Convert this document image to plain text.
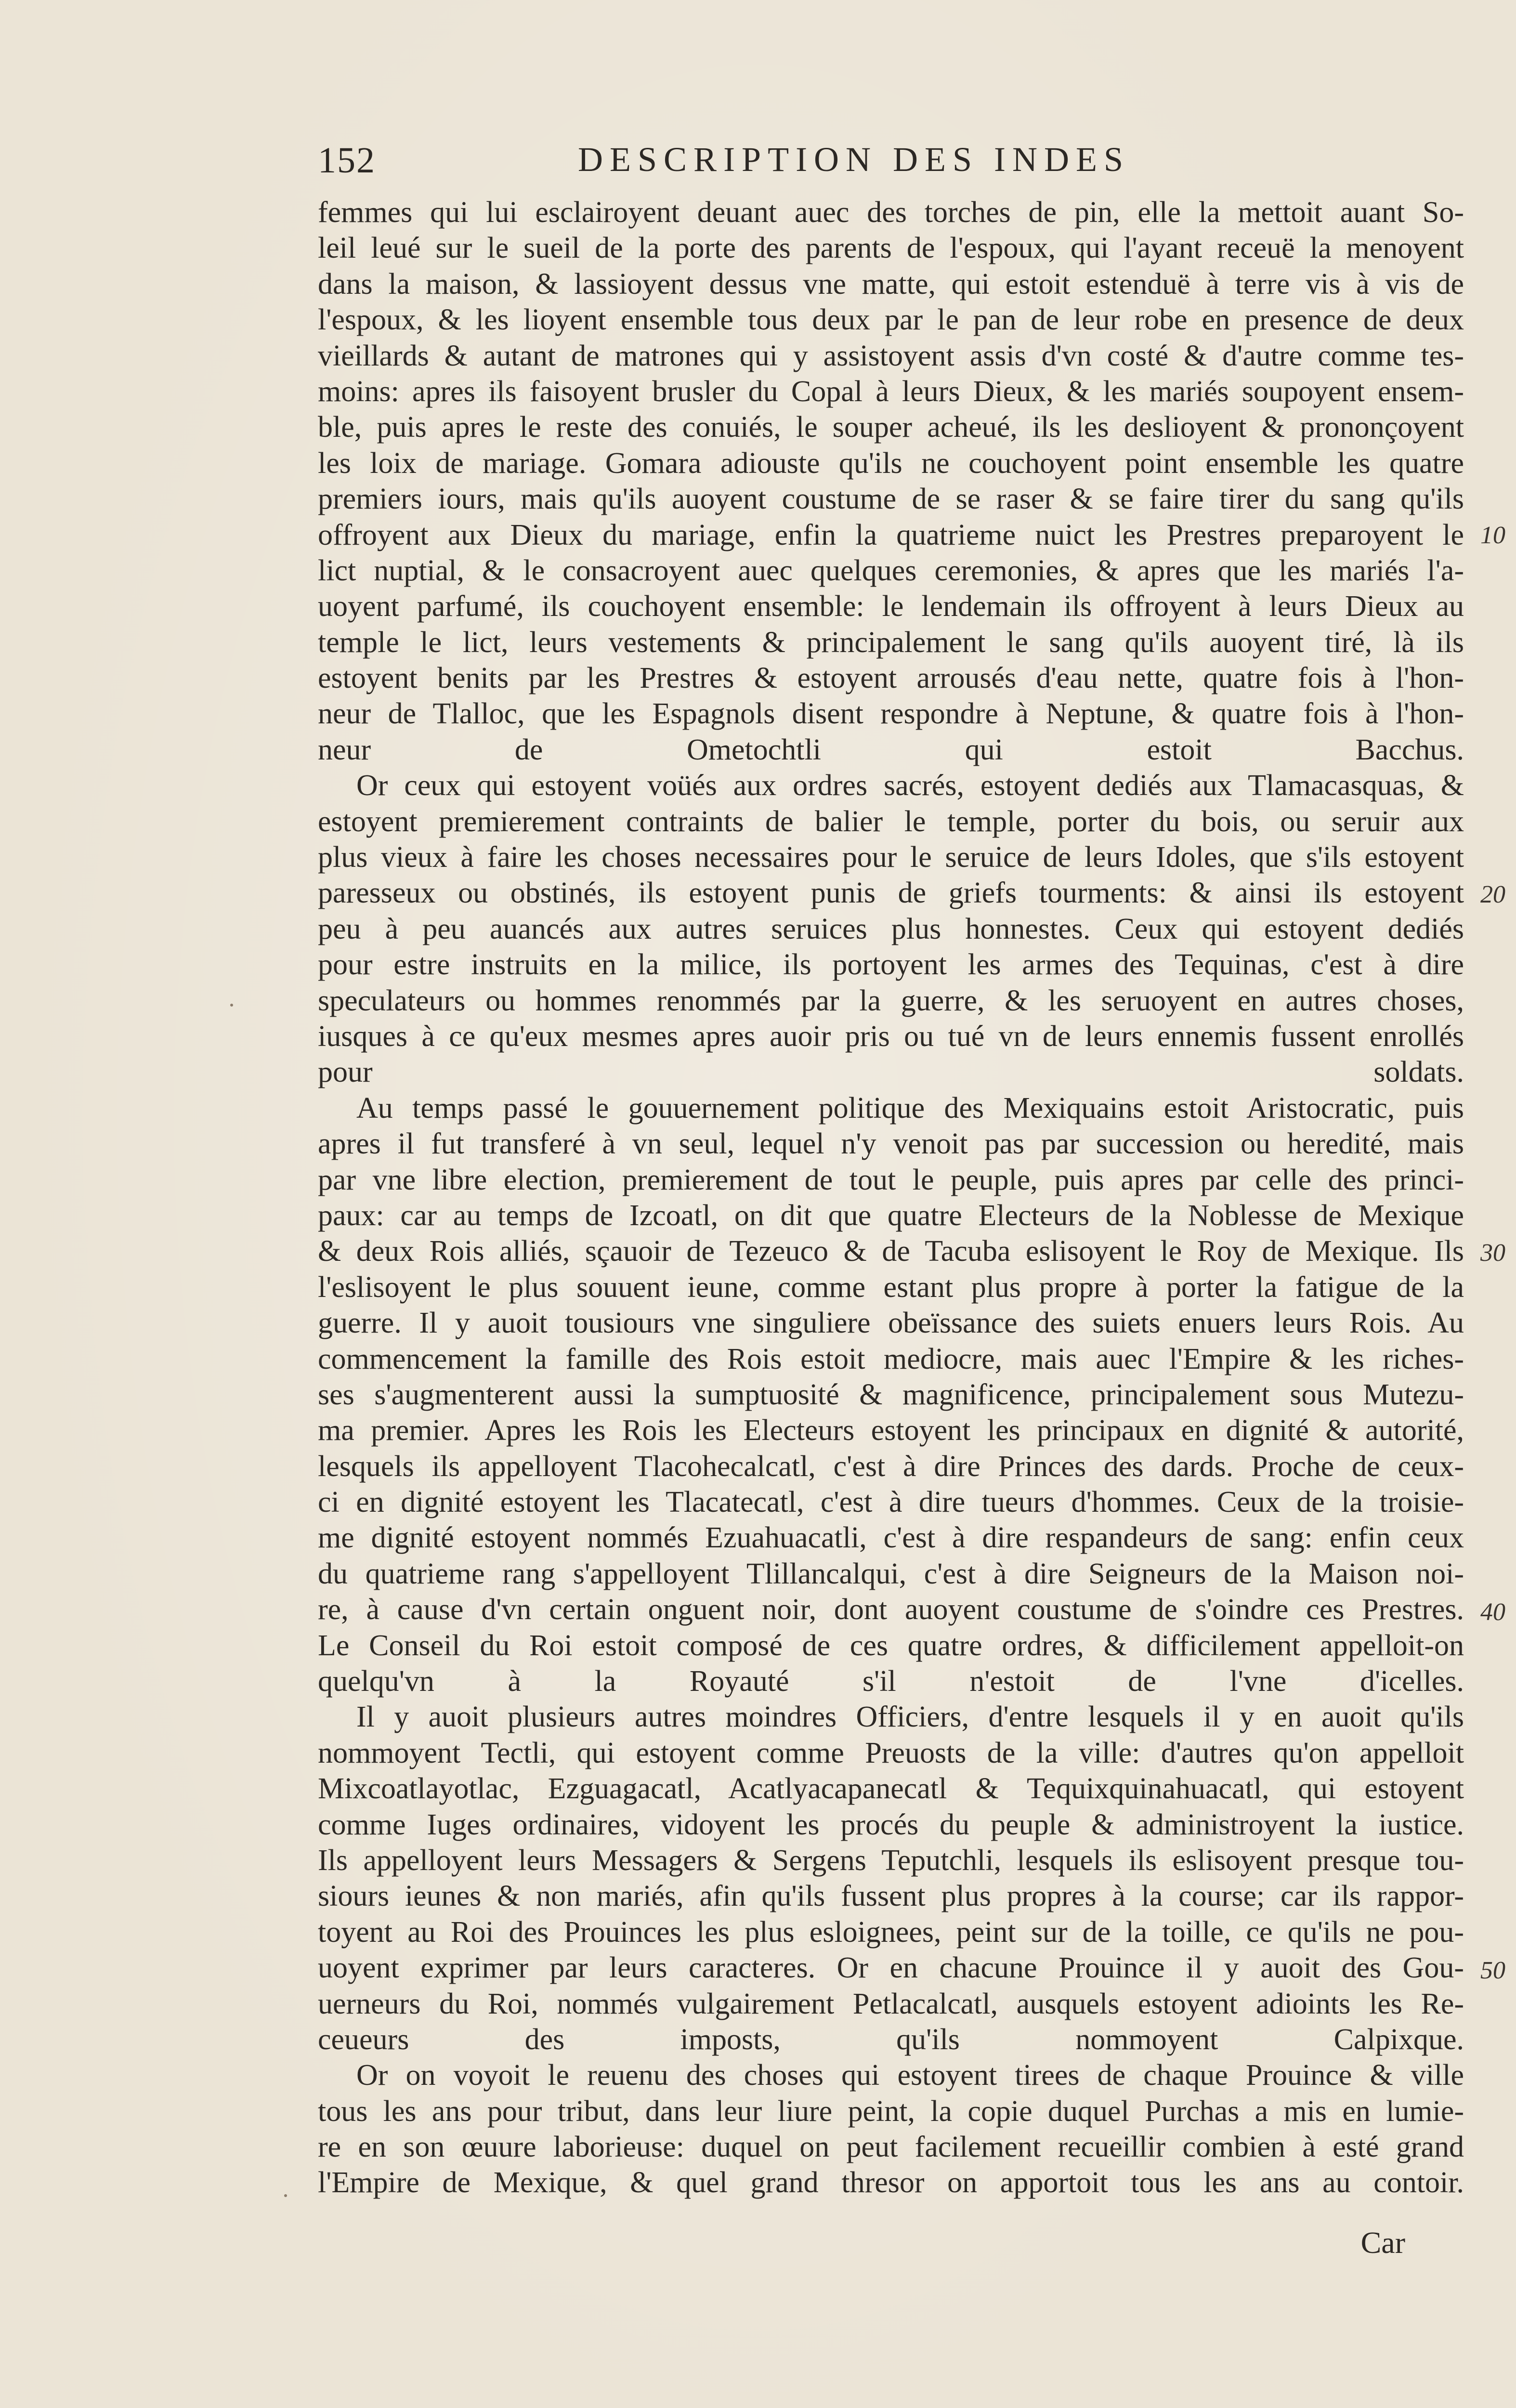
152	DESCRIPTION DES INDES

femmes qui lui esclairoyent deuant auec des torches de pin, elle la mettoit auant So-
leil leué sur le sueil de la porte des parents de l'espoux, qui l'ayant receuë la menoyent
dans la maison, & lassioyent dessus vne matte, qui estoit estenduë à terre vis à vis de
l'espoux, & les lioyent ensemble tous deux par le pan de leur robe en presence de deux
vieillards & autant de matrones qui y assistoyent assis d'vn costé & d'autre comme tes-
moins: apres ils faisoyent brusler du Copal à leurs Dieux, & les mariés soupoyent ensem-
ble, puis apres le reste des conuiés, le souper acheué, ils les deslioyent & prononçoyent
les loix de mariage. Gomara adiouste qu'ils ne couchoyent point ensemble les quatre
premiers iours, mais qu'ils auoyent coustume de se raser & se faire tirer du sang qu'ils
offroyent aux Dieux du mariage, enfin la quatrieme nuict les Prestres preparoyent le
lict nuptial, & le consacroyent auec quelques ceremonies, & apres que les mariés l'a-
uoyent parfumé, ils couchoyent ensemble: le lendemain ils offroyent à leurs Dieux au
temple le lict, leurs vestements & principalement le sang qu'ils auoyent tiré, là ils
estoyent benits par les Prestres & estoyent arrousés d'eau nette, quatre fois à l'hon-
neur de Tlalloc, que les Espagnols disent respondre à Neptune, & quatre fois à l'hon-
neur de Ometochtli qui estoit Bacchus.

Or ceux qui estoyent voüés aux ordres sacrés, estoyent dediés aux Tlamacasquas, &
estoyent premierement contraints de balier le temple, porter du bois, ou seruir aux
plus vieux à faire les choses necessaires pour le seruice de leurs Idoles, que s'ils estoyent
paresseux ou obstinés, ils estoyent punis de griefs tourments: & ainsi ils estoyent
peu à peu auancés aux autres seruices plus honnestes. Ceux qui estoyent dediés
pour estre instruits en la milice, ils portoyent les armes des Tequinas, c'est à dire
speculateurs ou hommes renommés par la guerre, & les seruoyent en autres choses,
iusques à ce qu'eux mesmes apres auoir pris ou tué vn de leurs ennemis fussent enrollés
pour soldats.

Au temps passé le gouuernement politique des Mexiquains estoit Aristocratic, puis
apres il fut transferé à vn seul, lequel n'y venoit pas par succession ou heredité, mais
par vne libre election, premierement de tout le peuple, puis apres par celle des princi-
paux: car au temps de Izcoatl, on dit que quatre Electeurs de la Noblesse de Mexique
& deux Rois alliés, sçauoir de Tezeuco & de Tacuba eslisoyent le Roy de Mexique. Ils
l'eslisoyent le plus souuent ieune, comme estant plus propre à porter la fatigue de la
guerre. Il y auoit tousiours vne singuliere obeïssance des suiets enuers leurs Rois. Au
commencement la famille des Rois estoit mediocre, mais auec l'Empire & les riches-
ses s'augmenterent aussi la sumptuosité & magnificence, principalement sous Mutezu-
ma premier. Apres les Rois les Electeurs estoyent les principaux en dignité & autorité,
lesquels ils appelloyent Tlacohecalcatl, c'est à dire Princes des dards. Proche de ceux-
ci en dignité estoyent les Tlacatecatl, c'est à dire tueurs d'hommes. Ceux de la troisie-
me dignité estoyent nommés Ezuahuacatli, c'est à dire respandeurs de sang: enfin ceux
du quatrieme rang s'appelloyent Tlillancalqui, c'est à dire Seigneurs de la Maison noi-
re, à cause d'vn certain onguent noir, dont auoyent coustume de s'oindre ces Prestres.
Le Conseil du Roi estoit composé de ces quatre ordres, & difficilement appelloit-on
quelqu'vn à la Royauté s'il n'estoit de l'vne d'icelles.

Il y auoit plusieurs autres moindres Officiers, d'entre lesquels il y en auoit qu'ils
nommoyent Tectli, qui estoyent comme Preuosts de la ville: d'autres qu'on appelloit
Mixcoatlayotlac, Ezguagacatl, Acatlyacapanecatl & Tequixquinahuacatl, qui estoyent
comme Iuges ordinaires, vidoyent les procés du peuple & administroyent la iustice.
Ils appelloyent leurs Messagers & Sergens Teputchli, lesquels ils eslisoyent presque tou-
siours ieunes & non mariés, afin qu'ils fussent plus propres à la course; car ils rappor-
toyent au Roi des Prouinces les plus esloignees, peint sur de la toille, ce qu'ils ne pou-
uoyent exprimer par leurs caracteres. Or en chacune Prouince il y auoit des Gou-
uerneurs du Roi, nommés vulgairement Petlacalcatl, ausquels estoyent adioints les Re-
ceueurs des imposts, qu'ils nommoyent Calpixque.

Or on voyoit le reuenu des choses qui estoyent tirees de chaque Prouince & ville
tous les ans pour tribut, dans leur liure peint, la copie duquel Purchas a mis en lumie-
re en son œuure laborieuse: duquel on peut facilement recueillir combien à esté grand
l'Empire de Mexique, & quel grand thresor on apportoit tous les ans au contoir.

10
20
30
40
50
Car
